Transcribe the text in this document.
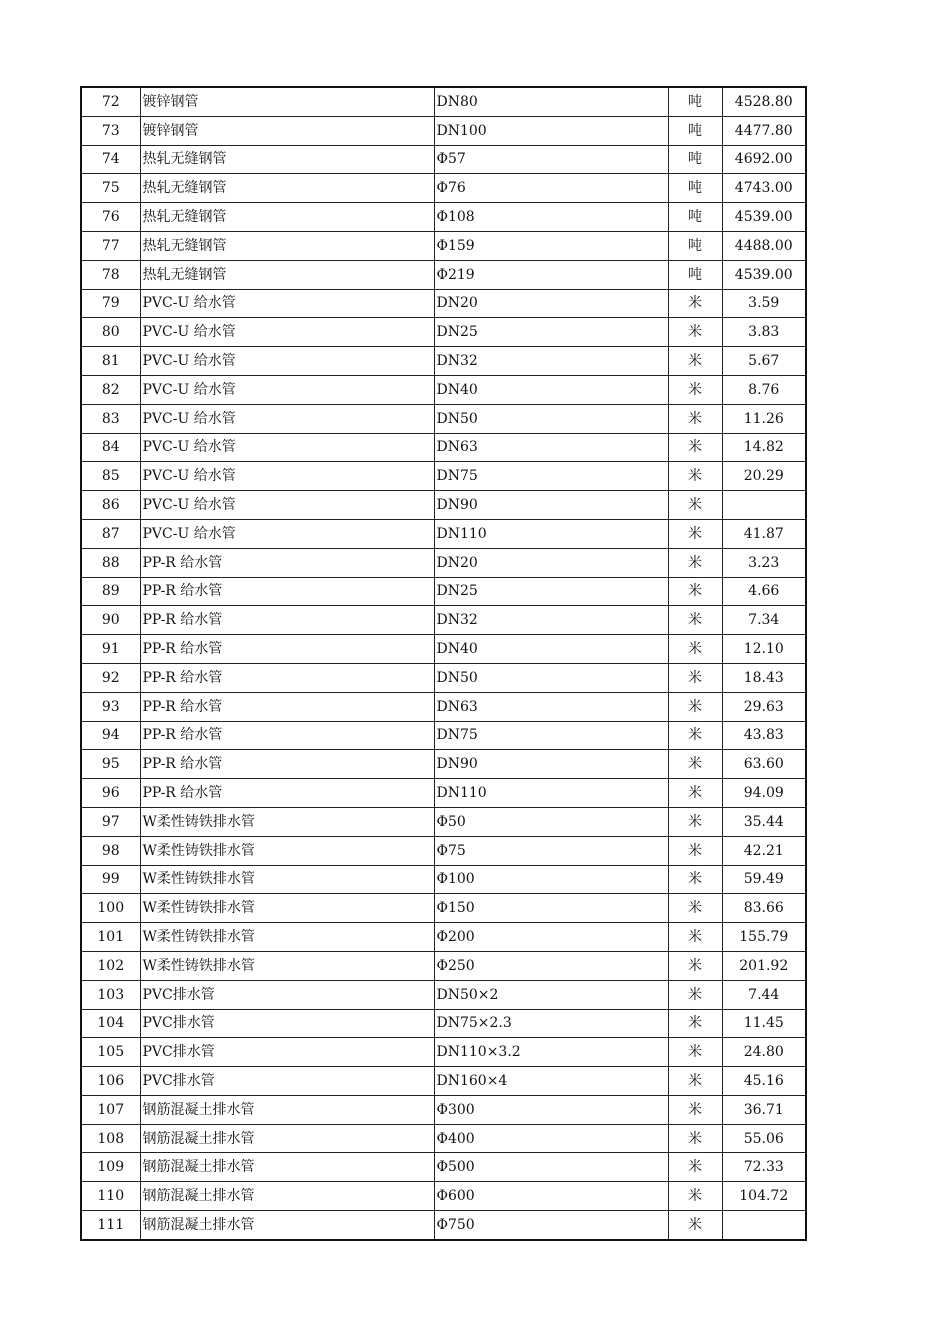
72	镀锌钢管	DN80	吨	4528.80
73	镀锌钢管	DN100	吨	4477.80
74	热轧无缝钢管	Φ57	吨	4692.00
75	热轧无缝钢管	Φ76	吨	4743.00
76	热轧无缝钢管	Φ108	吨	4539.00
77	热轧无缝钢管	Φ159	吨	4488.00
78	热轧无缝钢管	Φ219	吨	4539.00
79	PVC-U 给水管	DN20	米	3.59
80	PVC-U 给水管	DN25	米	3.83
81	PVC-U 给水管	DN32	米	5.67
82	PVC-U 给水管	DN40	米	8.76
83	PVC-U 给水管	DN50	米	11.26
84	PVC-U 给水管	DN63	米	14.82
85	PVC-U 给水管	DN75	米	20.29
86	PVC-U 给水管	DN90	米	
87	PVC-U 给水管	DN110	米	41.87
88	PP-R 给水管	DN20	米	3.23
89	PP-R 给水管	DN25	米	4.66
90	PP-R 给水管	DN32	米	7.34
91	PP-R 给水管	DN40	米	12.10
92	PP-R 给水管	DN50	米	18.43
93	PP-R 给水管	DN63	米	29.63
94	PP-R 给水管	DN75	米	43.83
95	PP-R 给水管	DN90	米	63.60
96	PP-R 给水管	DN110	米	94.09
97	W柔性铸铁排水管	Φ50	米	35.44
98	W柔性铸铁排水管	Φ75	米	42.21
99	W柔性铸铁排水管	Φ100	米	59.49
100	W柔性铸铁排水管	Φ150	米	83.66
101	W柔性铸铁排水管	Φ200	米	155.79
102	W柔性铸铁排水管	Φ250	米	201.92
103	PVC排水管	DN50×2	米	7.44
104	PVC排水管	DN75×2.3	米	11.45
105	PVC排水管	DN110×3.2	米	24.80
106	PVC排水管	DN160×4	米	45.16
107	钢筋混凝土排水管	Φ300	米	36.71
108	钢筋混凝土排水管	Φ400	米	55.06
109	钢筋混凝土排水管	Φ500	米	72.33
110	钢筋混凝土排水管	Φ600	米	104.72
111	钢筋混凝土排水管	Φ750	米	
